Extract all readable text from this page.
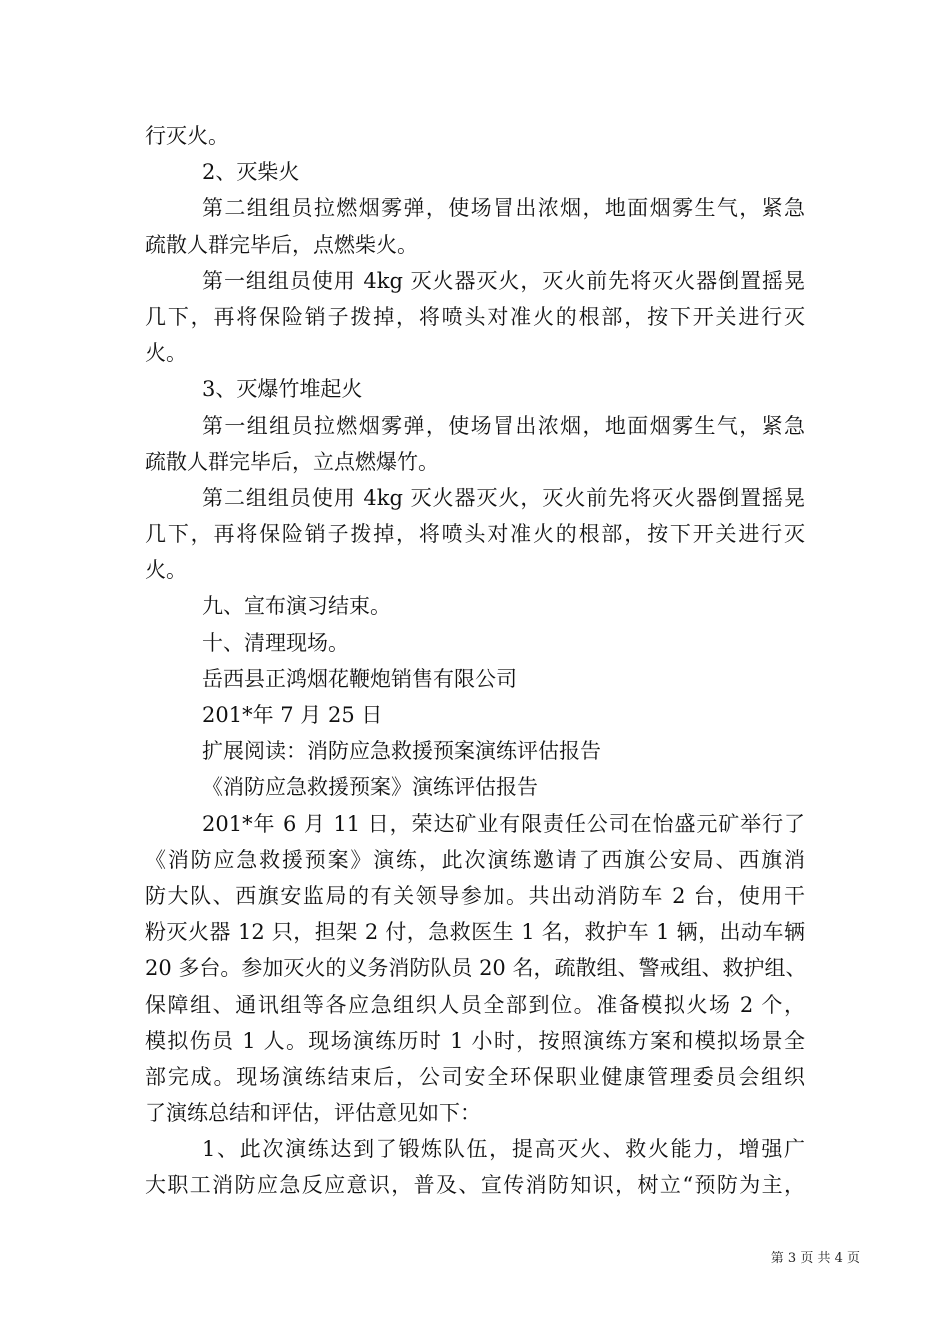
行灭火。
2、灭柴火
第二组组员拉燃烟雾弹，使场冒出浓烟，地面烟雾生气，紧急
疏散人群完毕后，点燃柴火。
第一组组员使用 4kg 灭火器灭火，灭火前先将灭火器倒置摇晃
几下，再将保险销子拨掉，将喷头对准火的根部，按下开关进行灭
火。
3、灭爆竹堆起火
第一组组员拉燃烟雾弹，使场冒出浓烟，地面烟雾生气，紧急
疏散人群完毕后，立点燃爆竹。
第二组组员使用 4kg 灭火器灭火，灭火前先将灭火器倒置摇晃
几下，再将保险销子拨掉，将喷头对准火的根部，按下开关进行灭
火。
九、宣布演习结束。
十、清理现场。
岳西县正鸿烟花鞭炮销售有限公司
201*年 7 月 25 日
扩展阅读：消防应急救援预案演练评估报告
《消防应急救援预案》演练评估报告
201*年 6 月 11 日，荣达矿业有限责任公司在怡盛元矿举行了
《消防应急救援预案》演练，此次演练邀请了西旗公安局、西旗消
防大队、西旗安监局的有关领导参加。共出动消防车 2 台，使用干
粉灭火器 12 只，担架 2 付，急救医生 1 名，救护车 1 辆，出动车辆
20 多台。参加灭火的义务消防队员 20 名，疏散组、警戒组、救护组、
保障组、通讯组等各应急组织人员全部到位。准备模拟火场 2 个，
模拟伤员 1 人。现场演练历时 1 小时，按照演练方案和模拟场景全
部完成。现场演练结束后，公司安全环保职业健康管理委员会组织
了演练总结和评估，评估意见如下：
1、此次演练达到了锻炼队伍，提高灭火、救火能力，增强广
大职工消防应急反应意识，普及、宣传消防知识，树立“预防为主，
第 3 页 共 4 页
